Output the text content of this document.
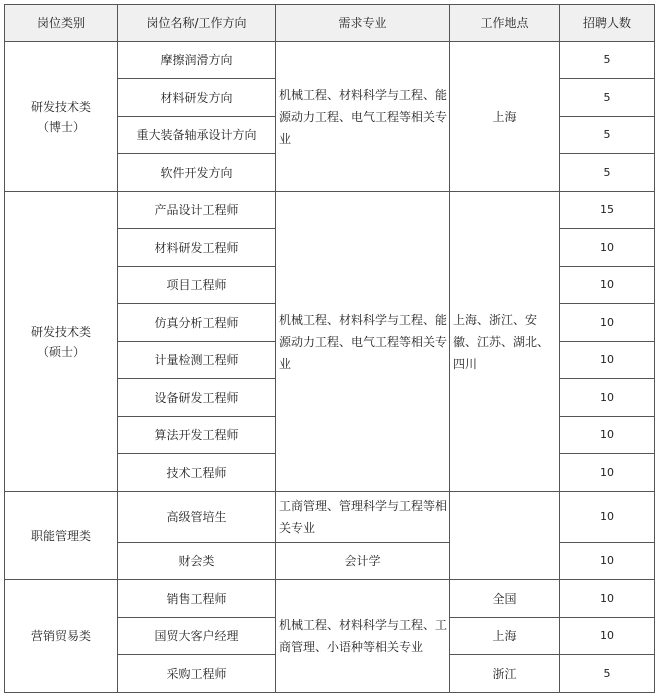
岗位类别	岗位名称/工作方向	需求专业	工作地点	招聘人数

研发技术类
（博士）	摩擦润滑方向	机械工程、材料科学与工程、能源动力工程、电气工程等相关专业	上海	5
	材料研发方向			5
	重大装备轴承设计方向			5
	软件开发方向			5

研发技术类
（硕士）	产品设计工程师	机械工程、材料科学与工程、能源动力工程、电气工程等相关专业	上海、浙江、安徽、江苏、湖北、四川	15
	材料研发工程师			10
	项目工程师			10
	仿真分析工程师			10
	计量检测工程师			10
	设备研发工程师			10
	算法开发工程师			10
	技术工程师			10
职能管理类	高级管培生	工商管理、管理科学与工程等相关专业		10
	财会类	会计学		10
营销贸易类	销售工程师	机械工程、材料科学与工程、工商管理、小语种等相关专业	全国	10
	国贸大客户经理		上海	10
	采购工程师		浙江	5
